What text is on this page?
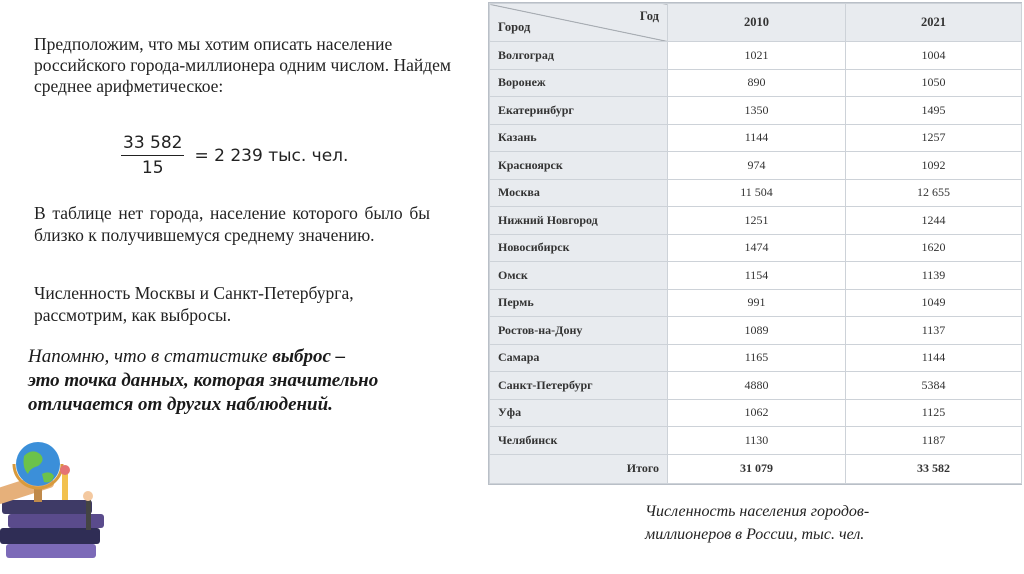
Предположим, что мы хотим описать население российского города-миллионера одним числом. Найдем среднее арифметическое:

$\frac{33 582}{15} = 2$ 239 тыс. чел.

В таблице нет города, население которого было бы близко к получившемуся среднему значению.

Численность Москвы и Санкт-Петербурга, рассмотрим, как выбросы.

Напомню, что в статистике выброс –
это точка данных, которая значительно отличается от других наблюдений.

Год
Город	2010	2021
Волгоград	1021	1004
Воронеж	890	1050
Екатеринбург	1350	1495
Казань	1144	1257
Красноярск	974	1092
Москва	11 504	12 655
Нижний Новгород	1251	1244
Новосибирск	1474	1620
Омск	1154	1139
Пермь	991	1049
Ростов-на-Дону	1089	1137
Самара	1165	1144
Санкт-Петербург	4880	5384
Уфа	1062	1125
Челябинск	1130	1187
Итого	31 079	33 582

Численность населения городов-миллионеров в России, тыс. чел.
